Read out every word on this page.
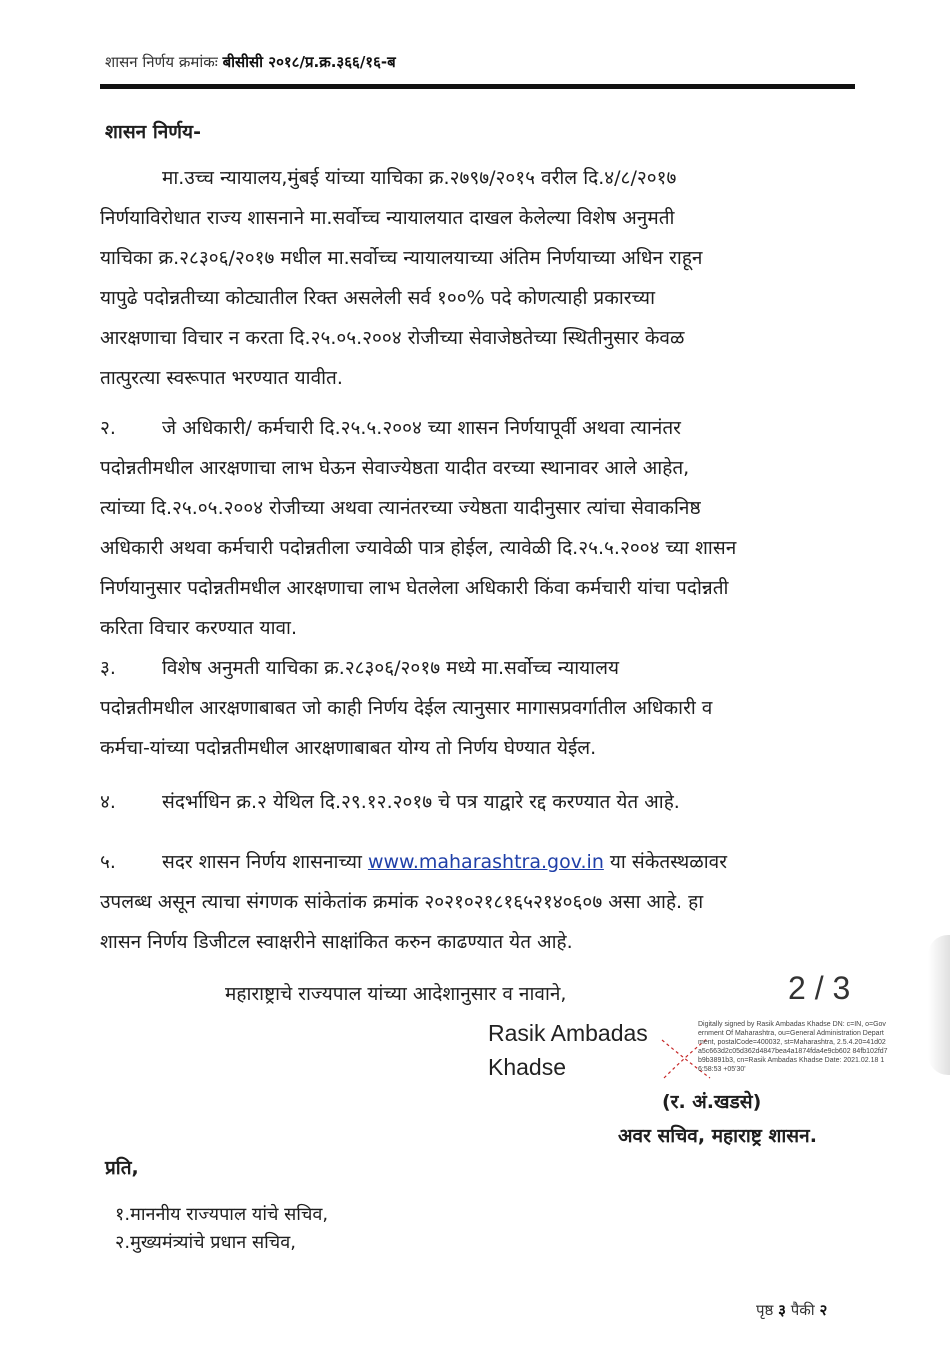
शासन निर्णय क्रमांकः बीसीसी २०१८/प्र.क्र.३६६/१६-ब
शासन निर्णय-
मा.उच्च न्यायालय,मुंबई यांच्या याचिका क्र.२७९७/२०१५ वरील दि.४/८/२०१७
निर्णयाविरोधात राज्य शासनाने मा.सर्वोच्च न्यायालयात दाखल केलेल्या विशेष अनुमती
याचिका क्र.२८३०६/२०१७ मधील मा.सर्वोच्च न्यायालयाच्या अंतिम निर्णयाच्या अधिन राहून
यापुढे पदोन्नतीच्या कोट्यातील रिक्त असलेली सर्व १००% पदे कोणत्याही प्रकारच्या
आरक्षणाचा विचार न करता दि.२५.०५.२००४ रोजीच्या सेवाजेष्ठतेच्या स्थितीनुसार केवळ
तात्पुरत्या स्वरूपात भरण्यात यावीत.
२. जे अधिकारी/ कर्मचारी दि.२५.५.२००४ च्या शासन निर्णयापूर्वी अथवा त्यानंतर
पदोन्नतीमधील आरक्षणाचा लाभ घेऊन सेवाज्येष्ठता यादीत वरच्या स्थानावर आले आहेत,
त्यांच्या दि.२५.०५.२००४ रोजीच्या अथवा त्यानंतरच्या ज्येष्ठता यादीनुसार त्यांचा सेवाकनिष्ठ
अधिकारी अथवा कर्मचारी पदोन्नतीला ज्यावेळी पात्र होईल, त्यावेळी दि.२५.५.२००४ च्या शासन
निर्णयानुसार पदोन्नतीमधील आरक्षणाचा लाभ घेतलेला अधिकारी किंवा कर्मचारी यांचा पदोन्नती
करिता विचार करण्यात यावा.
३. विशेष अनुमती याचिका क्र.२८३०६/२०१७ मध्ये मा.सर्वोच्च न्यायालय
पदोन्नतीमधील आरक्षणाबाबत जो काही निर्णय देईल त्यानुसार मागासप्रवर्गातील अधिकारी व
कर्मचा-यांच्या पदोन्नतीमधील आरक्षणाबाबत योग्य तो निर्णय घेण्यात येईल.
४. संदर्भाधिन क्र.२ येथिल दि.२९.१२.२०१७ चे पत्र याद्वारे रद्द करण्यात येत आहे.
५. सदर शासन निर्णय शासनाच्या www.maharashtra.gov.in या संकेतस्थळावर
उपलब्ध असून त्याचा संगणक सांकेतांक क्रमांक २०२१०२१८१६५२१४०६०७ असा आहे. हा
शासन निर्णय डिजीटल स्वाक्षरीने साक्षांकित करुन काढण्यात येत आहे.
महाराष्ट्राचे राज्यपाल यांच्या आदेशानुसार व नावाने,	2 / 3
Rasik Ambadas
Khadse
Digitally signed by Rasik Ambadas Khadse DN: c=IN, o=Government Of Maharashtra, ou=General Administration Department, postalCode=400032, st=Maharashtra, 2.5.4.20=41d02a5c663d2c05d362d4847bea4a1874fda4e9cb602 84fb102fd7b9b3891b3, cn=Rasik Ambadas Khadse Date: 2021.02.18 16:58:53 +05'30'
(र. अं.खडसे)
अवर सचिव, महाराष्ट्र शासन.
प्रति,
१.माननीय राज्यपाल यांचे सचिव,
२.मुख्यमंत्र्यांचे प्रधान सचिव,
पृष्ठ ३ पैकी २
